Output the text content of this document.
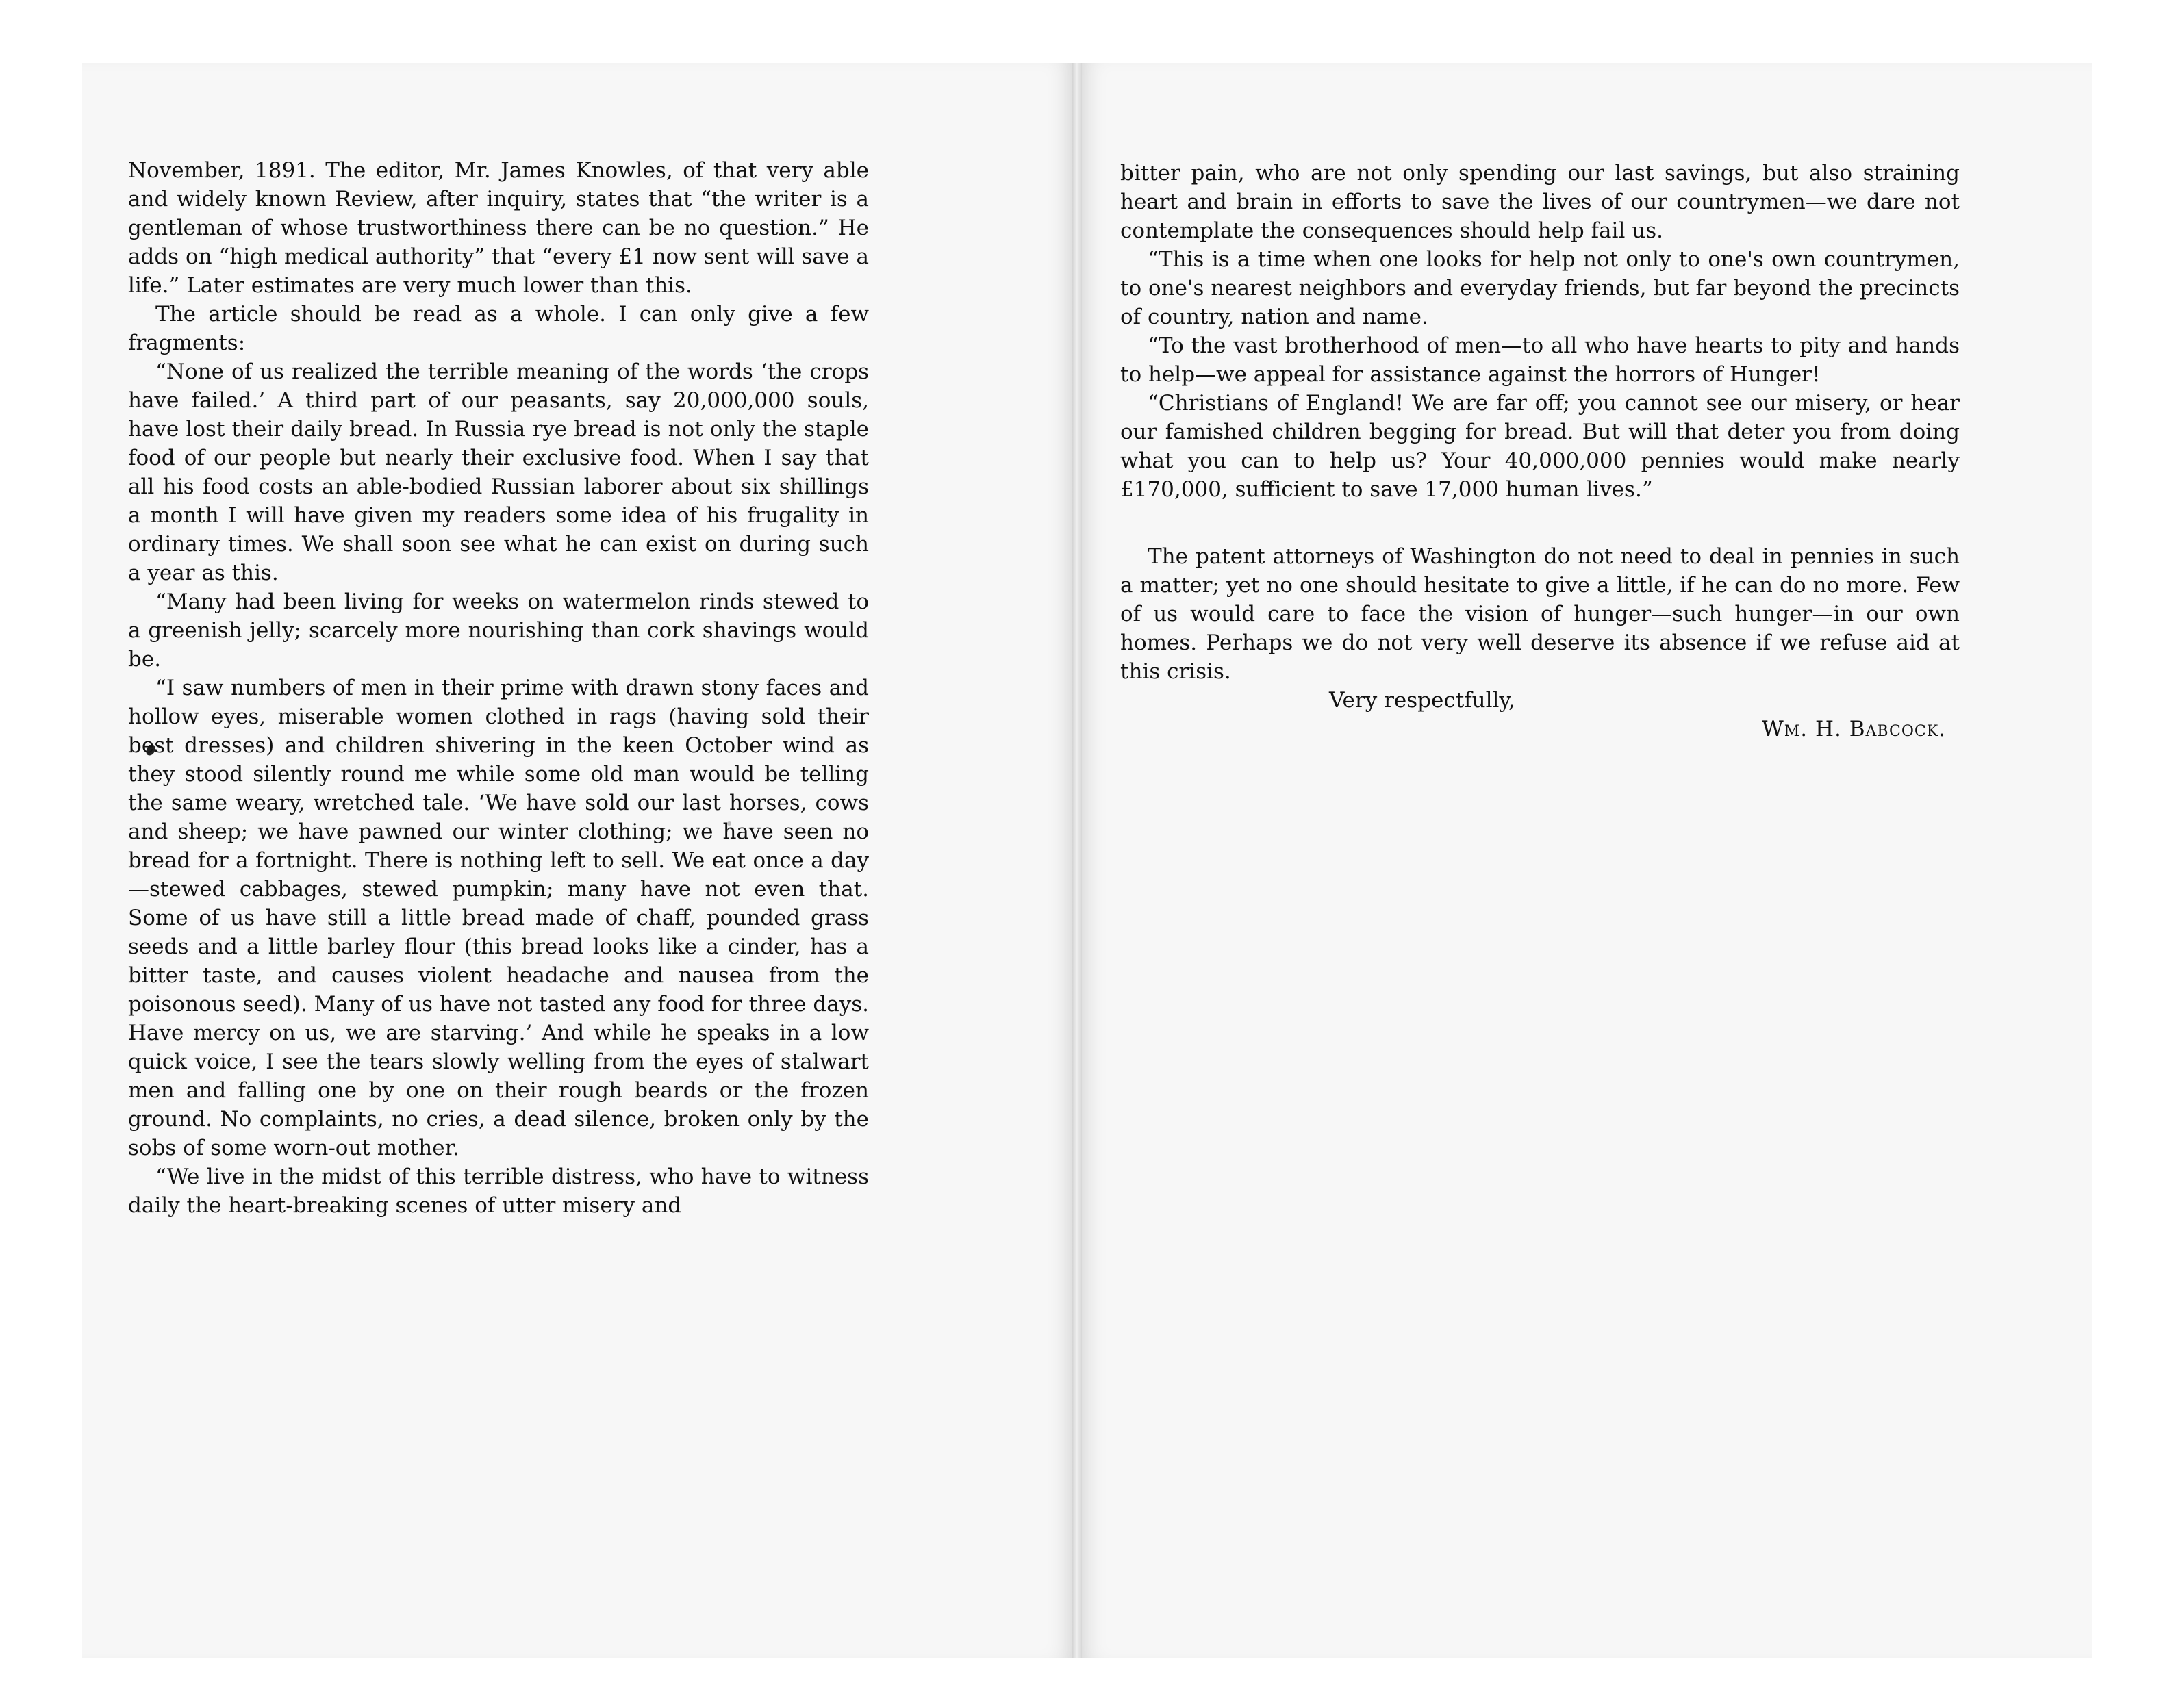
November, 1891. The editor, Mr. James Knowles, of that very able and widely known Review, after inquiry, states that “the writer is a gentleman of whose trustworthiness there can be no question.” He adds on “high medical authority” that “every £1 now sent will save a life.” Later estimates are very much lower than this.

The article should be read as a whole. I can only give a few fragments:

“None of us realized the terrible meaning of the words ‘the crops have failed.’ A third part of our peasants, say 20,000,000 souls, have lost their daily bread. In Russia rye bread is not only the staple food of our people but nearly their exclusive food. When I say that all his food costs an able-bodied Russian laborer about six shillings a month I will have given my readers some idea of his frugality in ordinary times. We shall soon see what he can exist on during such a year as this.

“Many had been living for weeks on watermelon rinds stewed to a greenish jelly; scarcely more nourishing than cork shavings would be.

“I saw numbers of men in their prime with drawn stony faces and hollow eyes, miserable women clothed in rags (having sold their best dresses) and children shivering in the keen October wind as they stood silently round me while some old man would be telling the same weary, wretched tale. ‘We have sold our last horses, cows and sheep; we have pawned our winter clothing; we have seen no bread for a fortnight. There is nothing left to sell. We eat once a day—stewed cabbages, stewed pumpkin; many have not even that. Some of us have still a little bread made of chaff, pounded grass seeds and a little barley flour (this bread looks like a cinder, has a bitter taste, and causes violent headache and nausea from the poisonous seed). Many of us have not tasted any food for three days. Have mercy on us, we are starving.’ And while he speaks in a low quick voice, I see the tears slowly welling from the eyes of stalwart men and falling one by one on their rough beards or the frozen ground. No complaints, no cries, a dead silence, broken only by the sobs of some worn-out mother.

“We live in the midst of this terrible distress, who have to witness daily the heart-breaking scenes of utter misery and

bitter pain, who are not only spending our last savings, but also straining heart and brain in efforts to save the lives of our countrymen—we dare not contemplate the consequences should help fail us.

“This is a time when one looks for help not only to one's own countrymen, to one's nearest neighbors and everyday friends, but far beyond the precincts of country, nation and name.

“To the vast brotherhood of men—to all who have hearts to pity and hands to help—we appeal for assistance against the horrors of Hunger!

“Christians of England! We are far off; you cannot see our misery, or hear our famished children begging for bread. But will that deter you from doing what you can to help us? Your 40,000,000 pennies would make nearly £170,000, sufficient to save 17,000 human lives.”

The patent attorneys of Washington do not need to deal in pennies in such a matter; yet no one should hesitate to give a little, if he can do no more. Few of us would care to face the vision of hunger—such hunger—in our own homes. Perhaps we do not very well deserve its absence if we refuse aid at this crisis.

Very respectfully,

Wm. H. Babcock.
